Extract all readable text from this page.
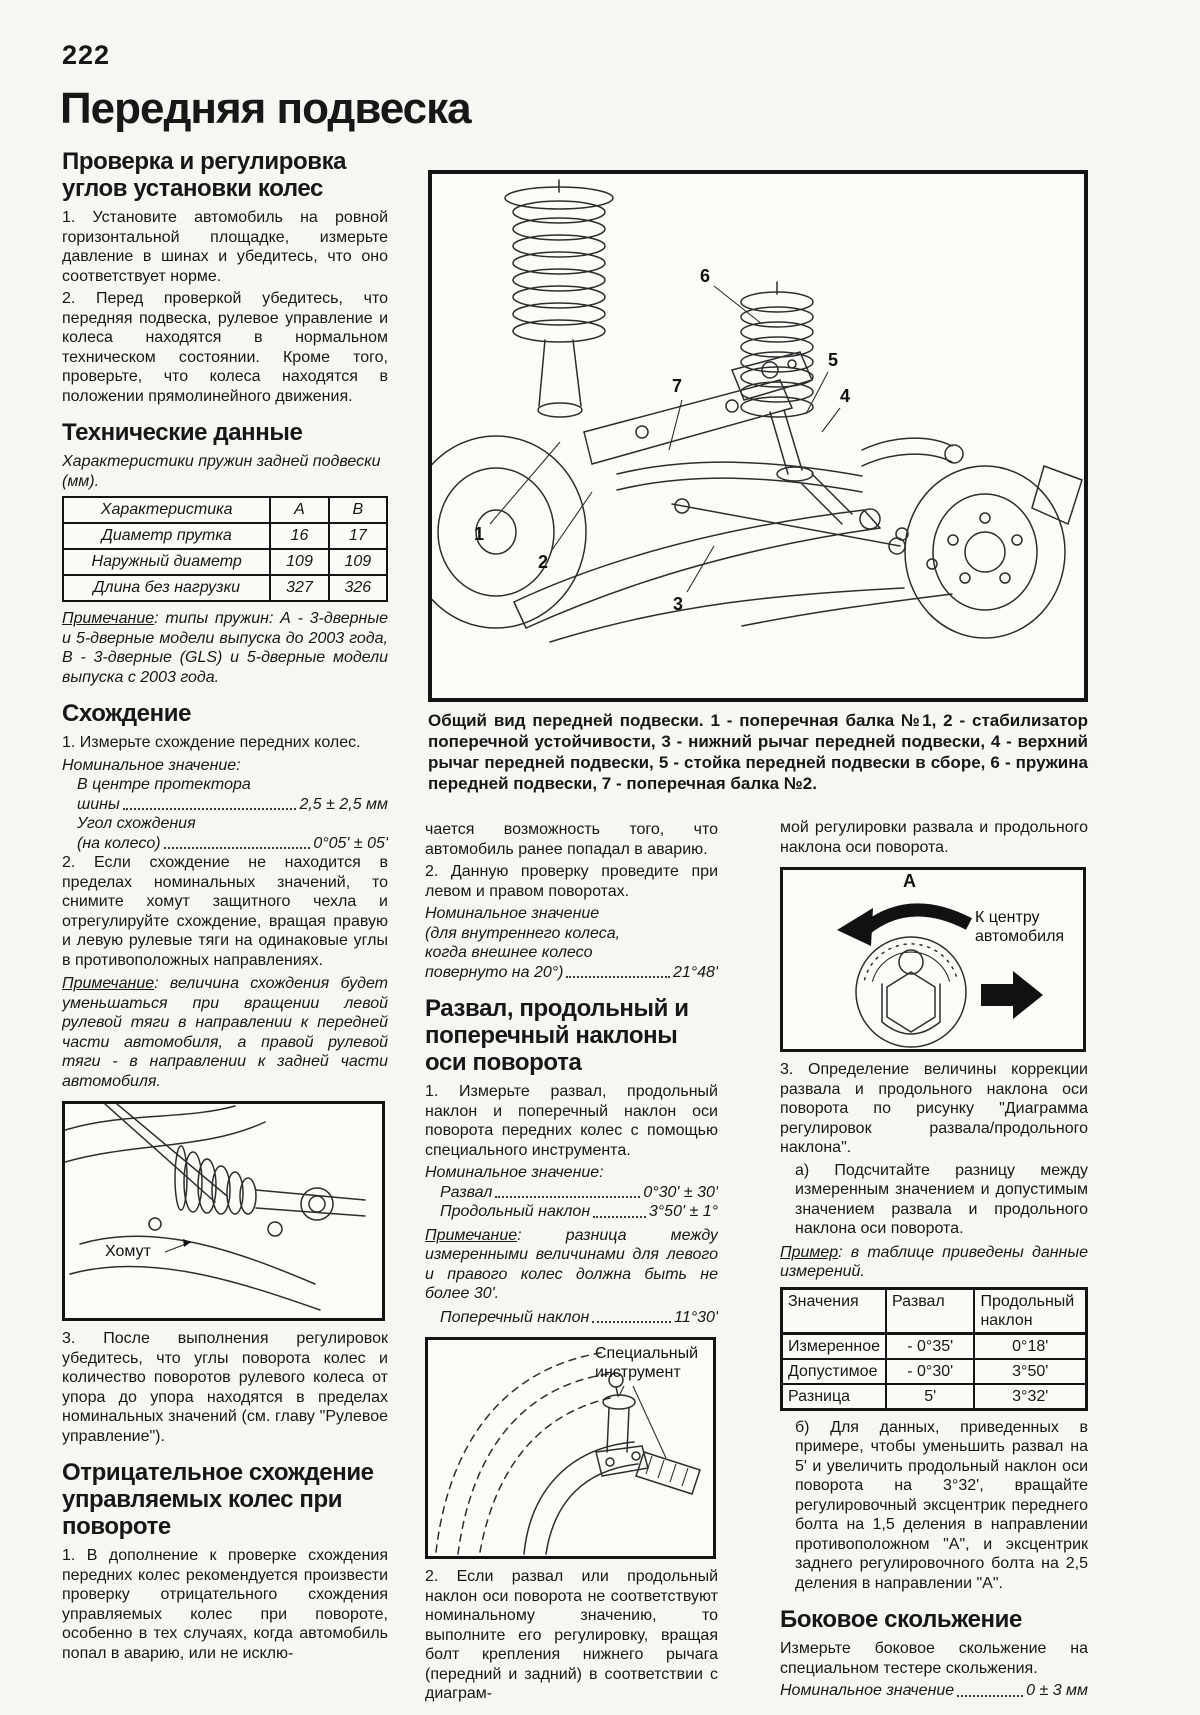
222
Передняя подвеска
Проверка и регулировка углов установки колес

1. Установите автомобиль на ровной горизонтальной площадке, измерьте давление в шинах и убедитесь, что оно соответствует норме.

2. Перед проверкой убедитесь, что передняя подвеска, рулевое управление и колеса находятся в нормальном техническом состоянии. Кроме того, проверьте, что колеса находятся в положении прямолинейного движения.

Технические данные

Характеристики пружин задней подвески (мм).

Характеристика	А	В
Диаметр прутка	16	17
Наружный диаметр	109	109
Длина без нагрузки	327	326

Примечание: типы пружин: А - 3-дверные и 5-дверные модели выпуска до 2003 года, В - 3-дверные (GLS) и 5-дверные модели выпуска с 2003 года.

Схождение

1. Измерьте схождение передних колес.

Номинальное значение:
В центре протектора
шины	2,5 ± 2,5 мм
Угол схождения
(на колесо)	0°05' ± 05'

2. Если схождение не находится в пределах номинальных значений, то снимите хомут защитного чехла и отрегулируйте схождение, вращая правую и левую рулевые тяги на одинаковые углы в противоположных направлениях.

Примечание: величина схождения будет уменьшаться при вращении левой рулевой тяги в направлении к передней части автомобиля, а правой рулевой тяги - в направлении к задней части автомобиля.

Хомут

3. После выполнения регулировок убедитесь, что углы поворота колес и количество поворотов рулевого колеса от упора до упора находятся в пределах номинальных значений (см. главу "Рулевое управление").

Отрицательное схождение управляемых колес при повороте

1. В дополнение к проверке схождения передних колес рекомендуется произвести проверку отрицательного схождения управляемых колес при повороте, особенно в тех случаях, когда автомобиль попал в аварию, или не исклю-

1
2
3
4
5
6
7

Общий вид передней подвески. 1 - поперечная балка №1, 2 - стабилизатор поперечной устойчивости, 3 - нижний рычаг передней подвески, 4 - верхний рычаг передней подвески, 5 - стойка передней подвески в сборе, 6 - пружина передней подвески, 7 - поперечная балка №2.

чается возможность того, что автомобиль ранее попадал в аварию.

2. Данную проверку проведите при левом и правом поворотах.

Номинальное значение
(для внутреннего колеса,
когда внешнее колесо
повернуто на 20°)	21°48'
Развал, продольный и поперечный наклоны оси поворота

1. Измерьте развал, продольный наклон и поперечный наклон оси поворота передних колес с помощью специального инструмента.

Номинальное значение:
Развал	0°30' ± 30'
Продольный наклон	3°50' ± 1°

Примечание: разница между измеренными величинами для левого и правого колес должна быть не более 30'.

Поперечный наклон	11°30'
Специальный инструмент

2. Если развал или продольный наклон оси поворота не соответствуют номинальному значению, то выполните его регулировку, вращая болт крепления нижнего рычага (передний и задний) в соответствии с диаграм-

мой регулировки развала и продольного наклона оси поворота.

А
К центру автомобиля

3. Определение величины коррекции развала и продольного наклона оси поворота по рисунку "Диаграмма регулировок развала/продольного наклона".

а) Подсчитайте разницу между измеренным значением и допустимым значением развала и продольного наклона оси поворота.

Пример: в таблице приведены данные измерений.

Значения	Развал	Продольный наклон
Измеренное	- 0°35'	0°18'
Допустимое	- 0°30'	3°50'
Разница	5'	3°32'

б) Для данных, приведенных в примере, чтобы уменьшить развал на 5' и увеличить продольный наклон оси поворота на 3°32', вращайте регулировочный эксцентрик переднего болта на 1,5 деления в направлении противоположном "А", и эксцентрик заднего регулировочного болта на 2,5 деления в направлении "А".

Боковое скольжение

Измерьте боковое скольжение на специальном тестере скольжения.

Номинальное значение	0 ± 3 мм
